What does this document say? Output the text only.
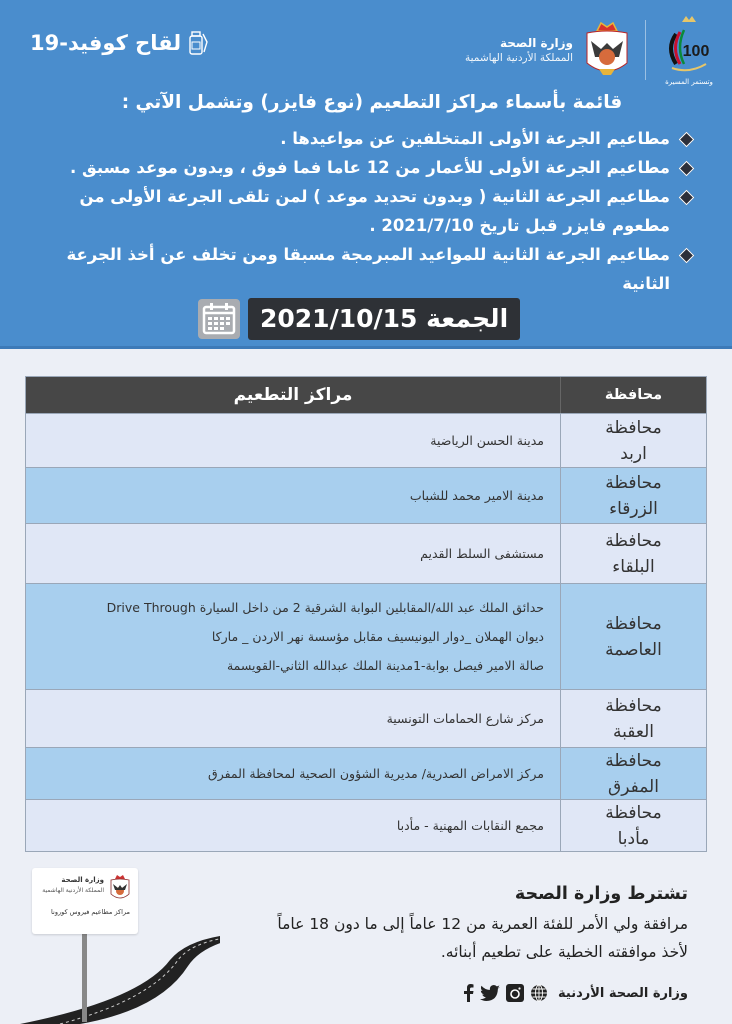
وزارة الصحة
المملكة الأردنية الهاشمية	100
وتستمر المسيرة
لقاح كوفيد-19
قائمة بأسماء مراكز التطعيم (نوع فايزر) وتشمل الآتي :
مطاعيم الجرعة الأولى المتخلفين عن مواعيدها .
مطاعيم الجرعة الأولى للأعمار من 12 عاما فما فوق ، وبدون موعد مسبق .
مطاعيم الجرعة الثانية ( وبدون تحديد موعد ) لمن تلقى الجرعة الأولى من مطعوم فايزر قبل تاريخ 2021/7/10 .
مطاعيم الجرعة الثانية للمواعيد المبرمجة مسبقا ومن تخلف عن أخذ الجرعة الثانية
الجمعة 2021/10/15
محافظة
مراكز التطعيم
محافظة
اربد
مدينة الحسن الرياضية
محافظة
الزرقاء
مدينة الامير محمد للشباب
محافظة
البلقاء
مستشفى السلط القديم
محافظة
العاصمة
حدائق الملك عبد الله/المقابلين البوابة الشرقية 2 من داخل السيارة Drive Through
ديوان الهملان _دوار اليونيسيف مقابل مؤسسة نهر الاردن _ ماركا
صالة الامير فيصل بوابة-1مدينة الملك عبدالله الثاني-القويسمة
محافظة
العقبة
مركز شارع الحمامات التونسية
محافظة
المفرق
مركز الامراض الصدرية/ مديرية الشؤون الصحية لمحافظة المفرق
محافظة
مأدبا
مجمع النقابات المهنية - مأدبا
وزارة الصحة
المملكة الأردنية الهاشمية
مراكز مطاعيم فيروس كورونا
تشترط وزارة الصحة
مرافقة ولي الأمر للفئة العمرية من 12 عاماً إلى ما دون 18 عاماً لأخذ موافقته الخطية على تطعيم أبنائه.
وزارة الصحة الأردنية
